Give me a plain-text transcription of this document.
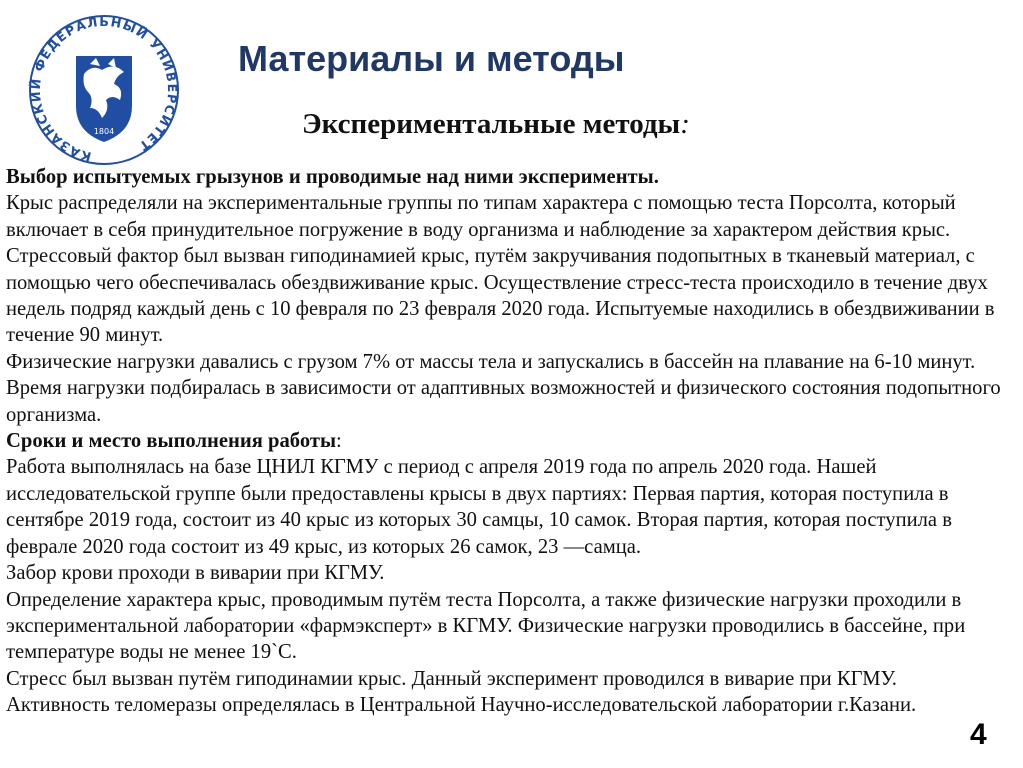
КАЗАНСКИЙ ФЕДЕРАЛЬНЫЙ УНИВЕРСИТЕТ
1804
Материалы и методы
Экспериментальные методы:

Выбор испытуемых грызунов и проводимые над ними эксперименты.

Крыс распределяли на экспериментальные группы по типам характера с помощью теста Порсолта, который включает в себя принудительное погружение в воду организма и наблюдение за характером действия крыс. Стрессовый фактор был вызван гиподинамией крыс, путём закручивания подопытных в тканевый материал, с помощью чего обеспечивалась обездвиживание крыс. Осуществление стресс-теста происходило в течение двух недель подряд каждый день с 10 февраля по 23 февраля 2020 года. Испытуемые находились в обездвиживании в течение 90 минут.

Физические нагрузки давались с грузом 7% от массы тела и запускались в бассейн на плавание на 6-10 минут. Время нагрузки подбиралась в зависимости от адаптивных возможностей и физического состояния подопытного организма.

Сроки и место выполнения работы:

Работа выполнялась на базе ЦНИЛ КГМУ с период с апреля 2019 года по апрель 2020 года. Нашей исследовательской группе были предоставлены крысы в двух партиях: Первая партия, которая поступила в сентябре 2019 года, состоит из 40 крыс из которых 30 самцы, 10 самок. Вторая партия, которая поступила в феврале 2020 года состоит из 49 крыс, из которых 26 самок, 23 —самца.

Забор крови проходи в виварии при КГМУ.

Определение характера крыс, проводимым путём теста Порсолта, а также физические нагрузки проходили в экспериментальной лаборатории «фармэксперт» в КГМУ. Физические нагрузки проводились в бассейне, при температуре воды не менее 19`С.

Стресс был вызван путём гиподинамии крыс. Данный эксперимент проводился в виварие при КГМУ.

Активность теломеразы определялась в Центральной Научно-исследовательской лаборатории г.Казани.

4
